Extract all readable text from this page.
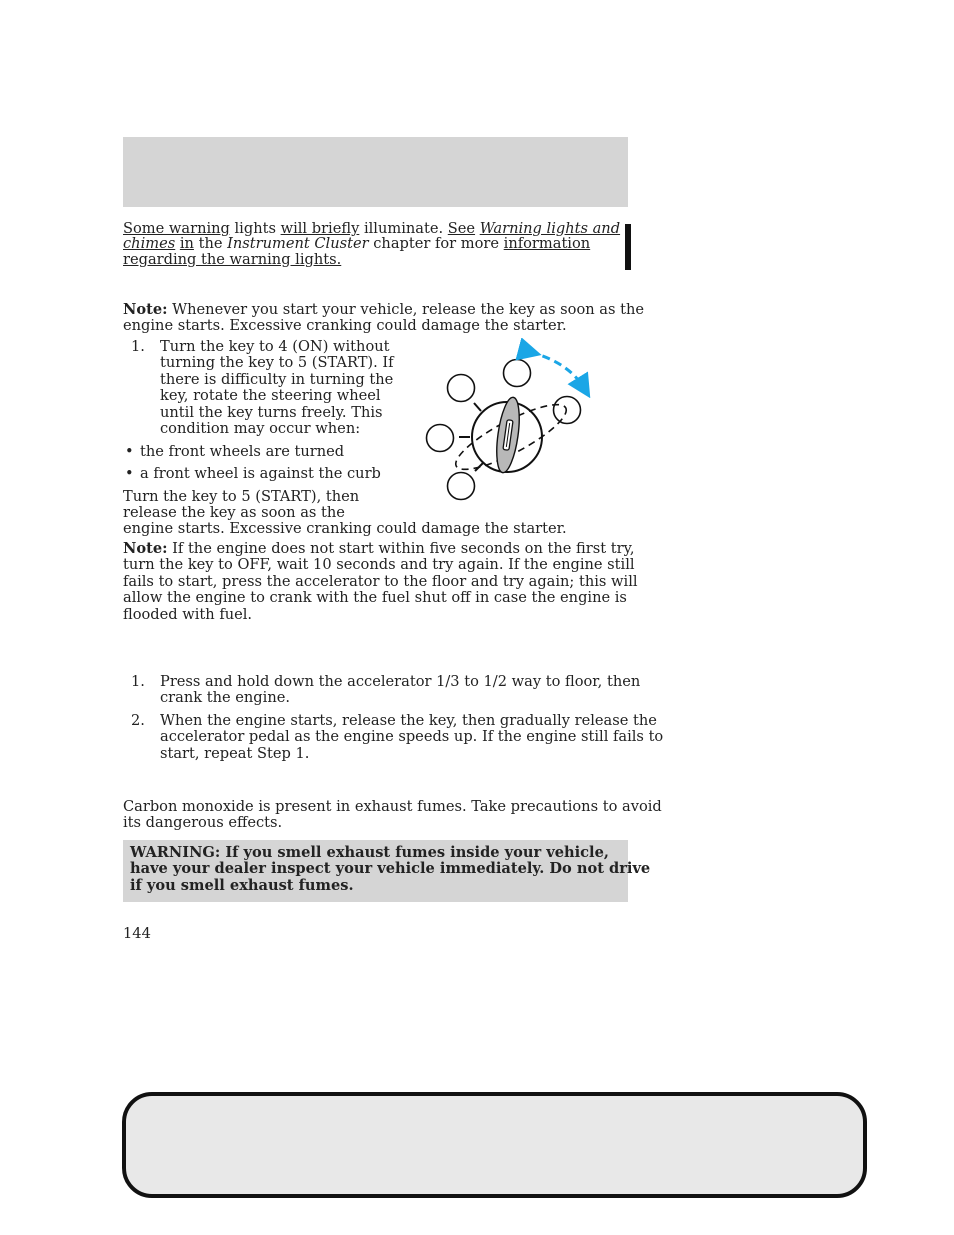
Some warning lights will briefly illuminate. See Warning lights and
chimes in the Instrument Cluster chapter for more information
regarding the warning lights.
Note: Whenever you start your vehicle, release the key as soon as the
engine starts. Excessive cranking could damage the starter.
1. Turn the key to 4 (ON) without
turning the key to 5 (START). If
there is difficulty in turning the
key, rotate the steering wheel
until the key turns freely. This
condition may occur when:
• the front wheels are turned
• a front wheel is against the curb
Turn the key to 5 (START), then
release the key as soon as the
engine starts. Excessive cranking could damage the starter.
Note: If the engine does not start within five seconds on the first try,
turn the key to OFF, wait 10 seconds and try again. If the engine still
fails to start, press the accelerator to the floor and try again; this will
allow the engine to crank with the fuel shut off in case the engine is
flooded with fuel.
1. Press and hold down the accelerator 1/3 to 1/2 way to floor, then
crank the engine.
2. When the engine starts, release the key, then gradually release the
accelerator pedal as the engine speeds up. If the engine still fails to
start, repeat Step 1.
Carbon monoxide is present in exhaust fumes. Take precautions to avoid
its dangerous effects.
WARNING: If you smell exhaust fumes inside your vehicle,
have your dealer inspect your vehicle immediately. Do not drive
if you smell exhaust fumes.
144
